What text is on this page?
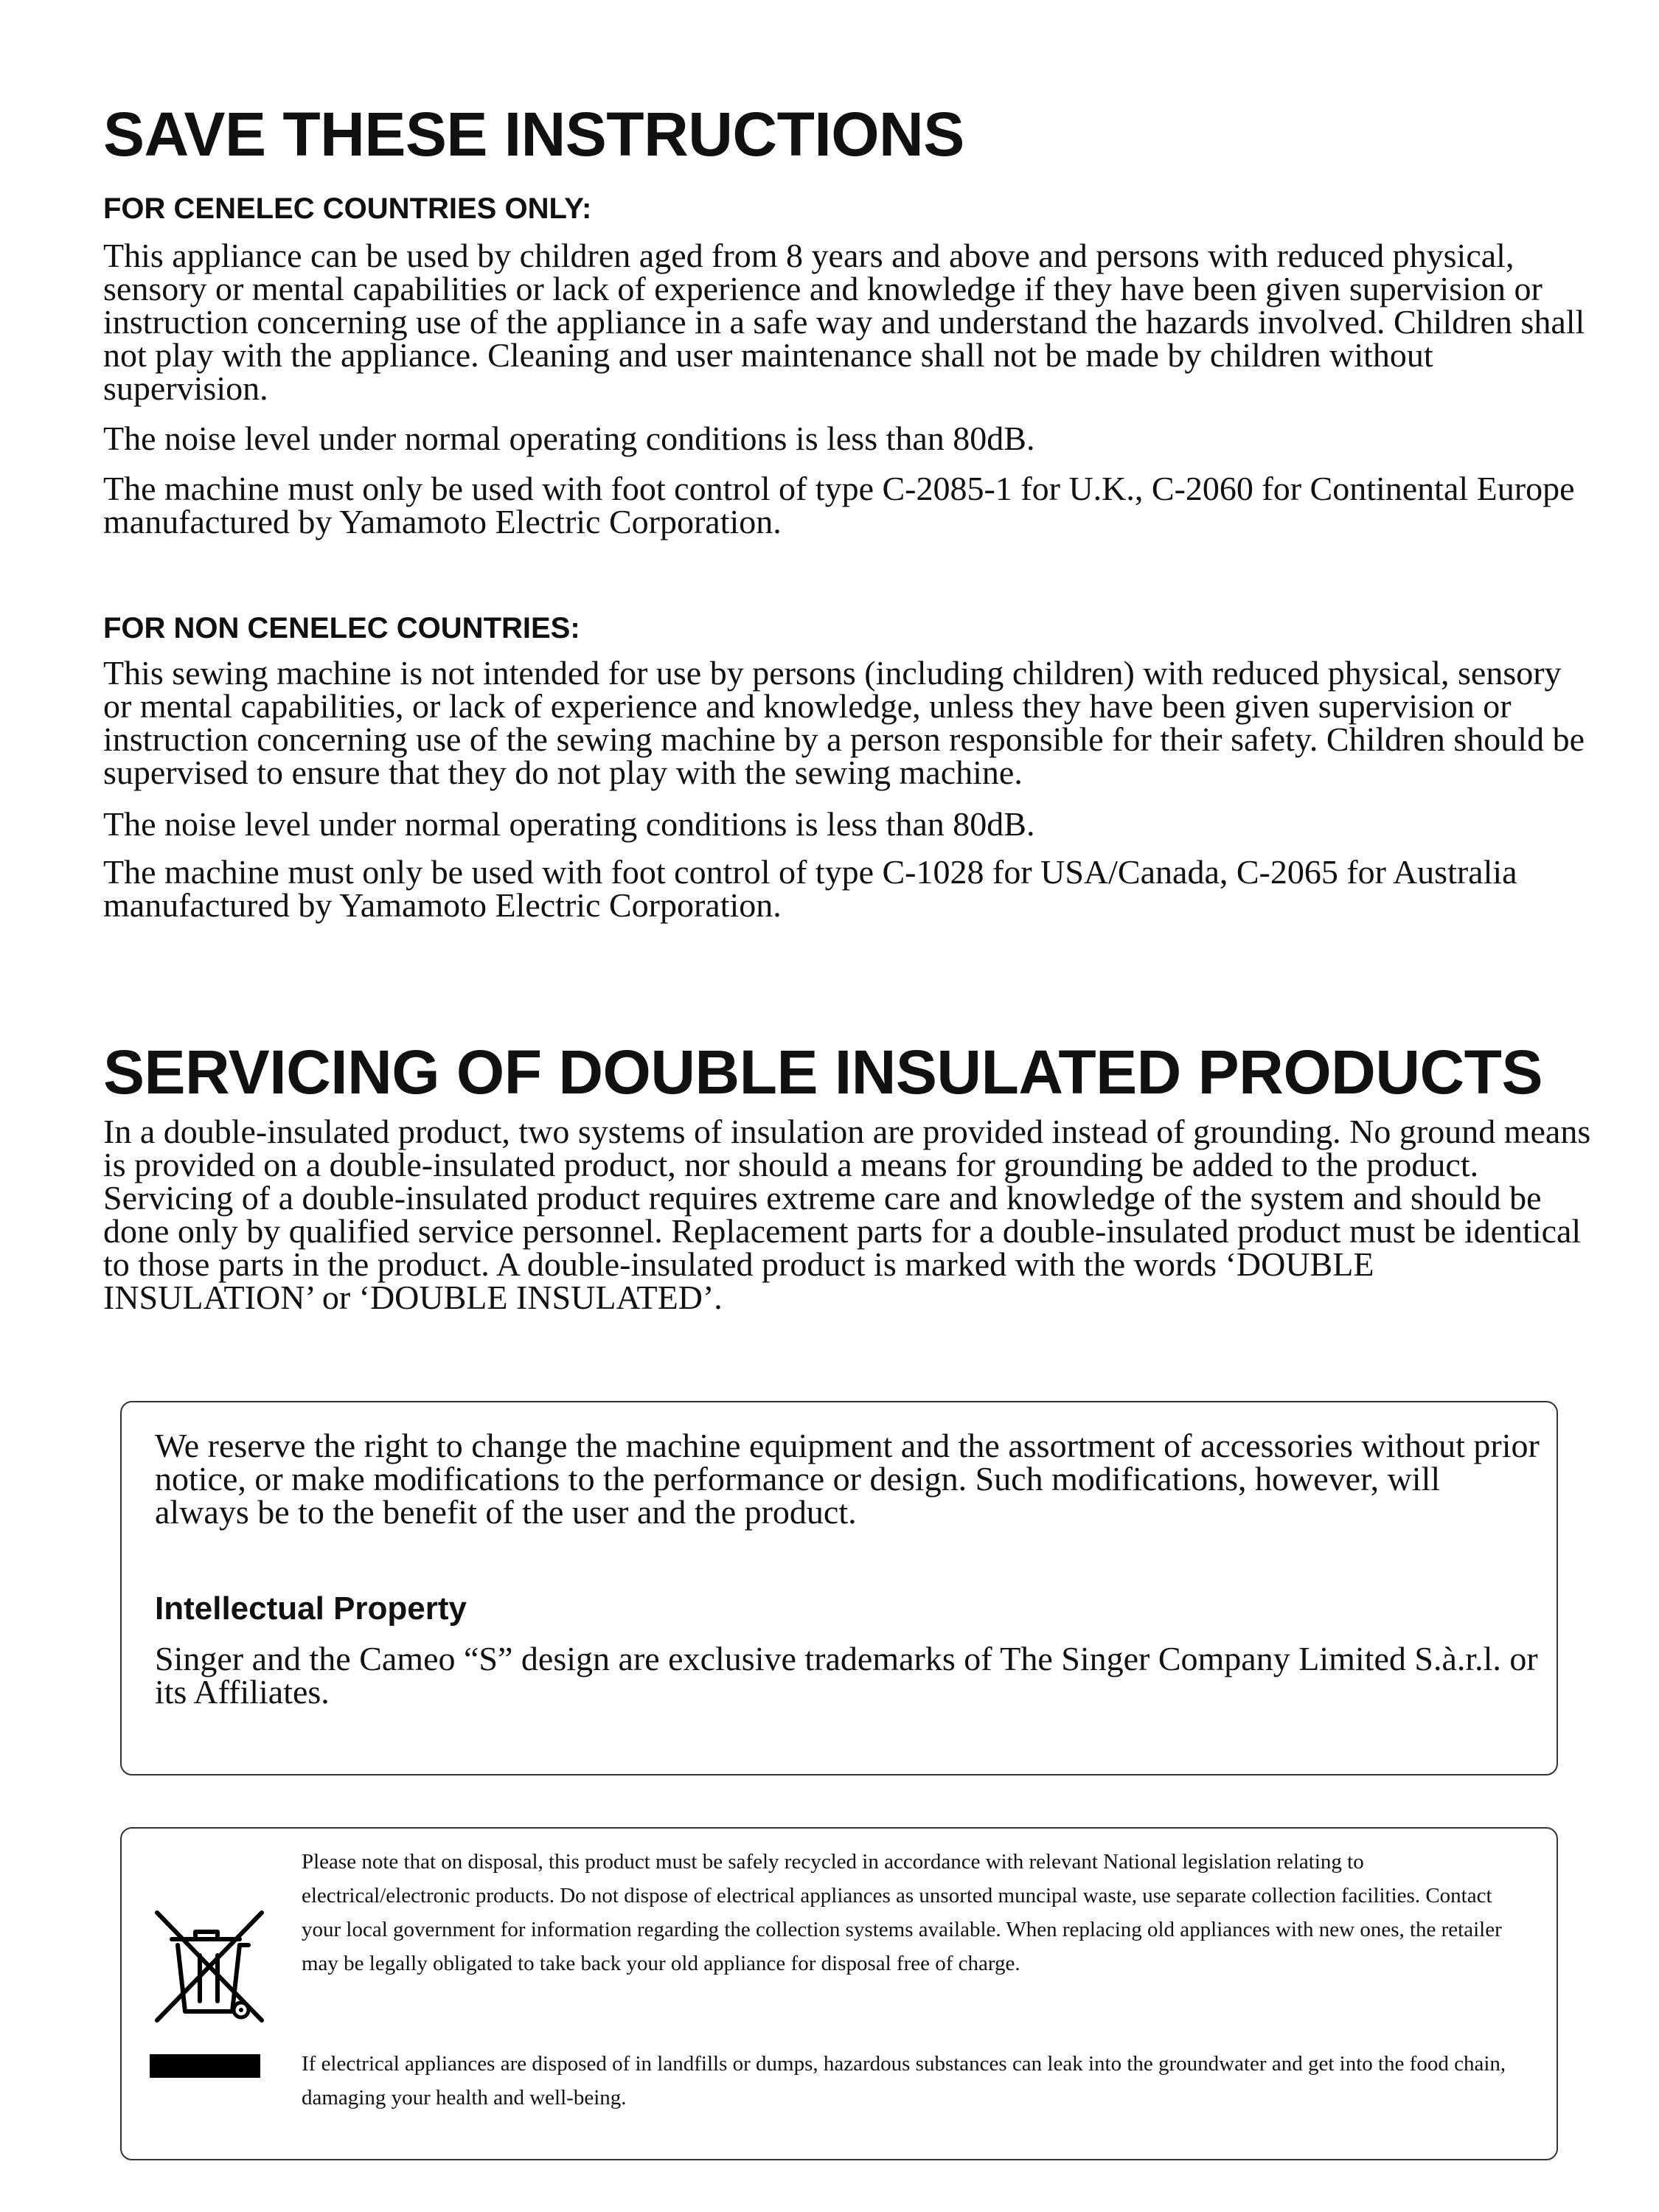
SAVE THESE INSTRUCTIONS
FOR CENELEC COUNTRIES ONLY:

This appliance can be used by children aged from 8 years and above and persons with reduced physical, sensory or mental capabilities or lack of experience and knowledge if they have been given supervision or instruction concerning use of the appliance in a safe way and understand the hazards involved. Children shall not play with the appliance. Cleaning and user maintenance shall not be made by children without supervision.

The noise level under normal operating conditions is less than 80dB.

The machine must only be used with foot control of type C-2085-1 for U.K., C-2060 for Continental Europe manufactured by Yamamoto Electric Corporation.

FOR NON CENELEC COUNTRIES:

This sewing machine is not intended for use by persons (including children) with reduced physical, sensory or mental capabilities, or lack of experience and knowledge, unless they have been given supervision or instruction concerning use of the sewing machine by a person responsible for their safety. Children should be supervised to ensure that they do not play with the sewing machine.

The noise level under normal operating conditions is less than 80dB.

The machine must only be used with foot control of type C-1028 for USA/Canada, C-2065 for Australia manufactured by Yamamoto Electric Corporation.

SERVICING OF DOUBLE INSULATED PRODUCTS

In a double-insulated product, two systems of insulation are provided instead of grounding. No ground means is provided on a double-insulated product, nor should a means for grounding be added to the product. Servicing of a double-insulated product requires extreme care and knowledge of the system and should be done only by qualified service personnel. Replacement parts for a double-insulated product must be identical to those parts in the product. A double-insulated product is marked with the words ‘DOUBLE INSULATION’ or ‘DOUBLE INSULATED’.

We reserve the right to change the machine equipment and the assortment of accessories without prior notice, or make modifications to the performance or design. Such modifications, however, will always be to the benefit of the user and the product.

Intellectual Property

Singer and the Cameo “S” design are exclusive trademarks of The Singer Company Limited S.à.r.l. or its Affiliates.

Please note that on disposal, this product must be safely recycled in accordance with relevant National legislation relating to electrical/electronic products. Do not dispose of electrical appliances as unsorted muncipal waste, use separate collection facilities. Contact your local government for information regarding the collection systems available. When replacing old appliances with new ones, the retailer may be legally obligated to take back your old appliance for disposal free of charge.

If electrical appliances are disposed of in landfills or dumps, hazardous substances can leak into the groundwater and get into the food chain, damaging your health and well-being.
